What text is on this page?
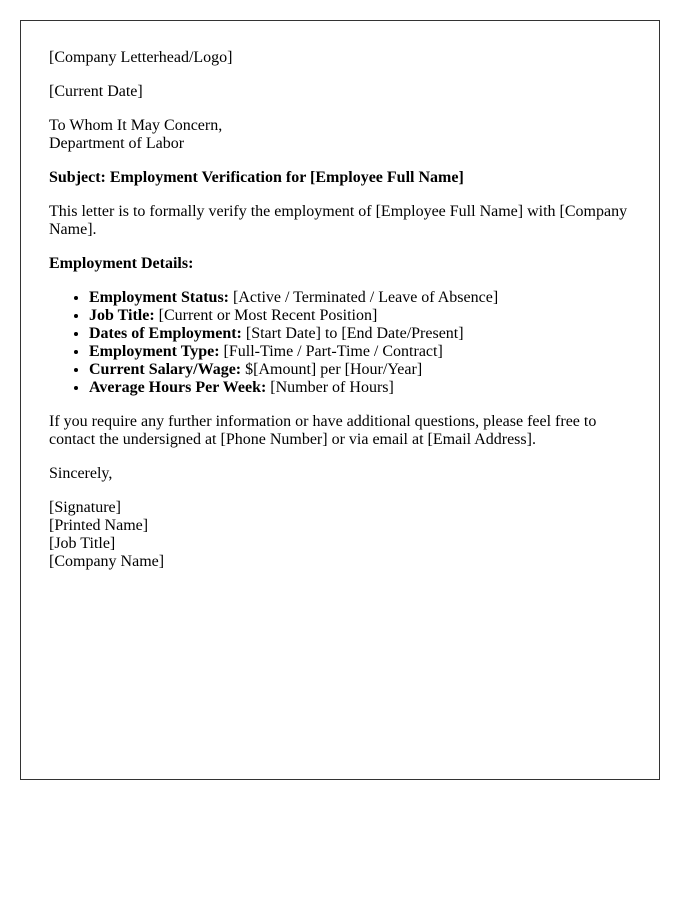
[Company Letterhead/Logo]

[Current Date]

To Whom It May Concern,
Department of Labor

Subject: Employment Verification for [Employee Full Name]

This letter is to formally verify the employment of [Employee Full Name] with [Company Name].

Employment Details:

• Employment Status: [Active / Terminated / Leave of Absence]
• Job Title: [Current or Most Recent Position]
• Dates of Employment: [Start Date] to [End Date/Present]
• Employment Type: [Full-Time / Part-Time / Contract]
• Current Salary/Wage: $[Amount] per [Hour/Year]
• Average Hours Per Week: [Number of Hours]

If you require any further information or have additional questions, please feel free to contact the undersigned at [Phone Number] or via email at [Email Address].

Sincerely,

[Signature]
[Printed Name]
[Job Title]
[Company Name]
